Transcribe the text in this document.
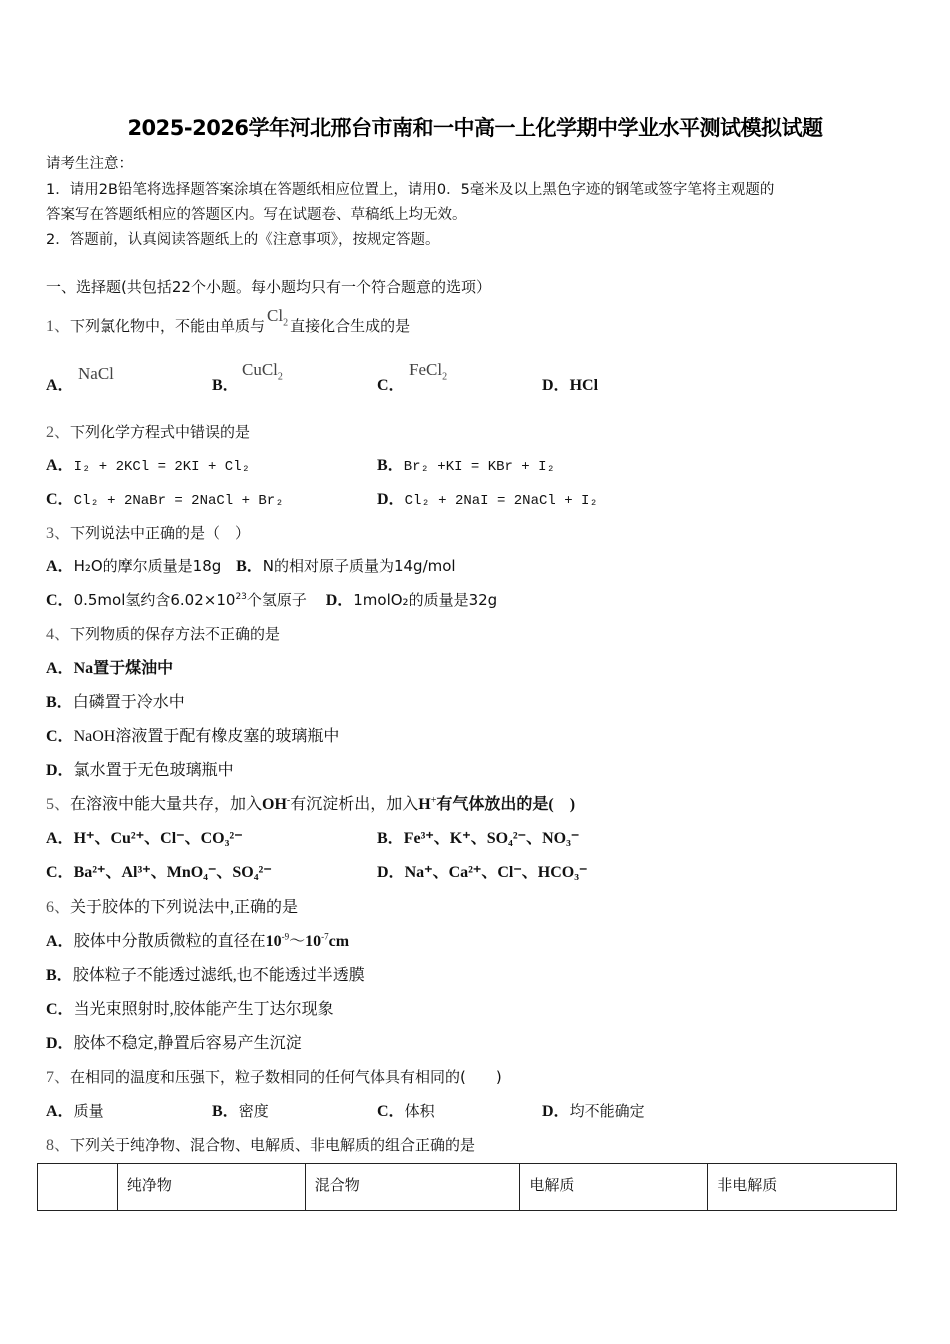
2025-2026学年河北邢台市南和一中高一上化学期中学业水平测试模拟试题
请考生注意：
1．请用2B铅笔将选择题答案涂填在答题纸相应位置上，请用0．5毫米及以上黑色字迹的钢笔或签字笔将主观题的
答案写在答题纸相应的答题区内。写在试题卷、草稿纸上均无效。
2．答题前，认真阅读答题纸上的《注意事项》，按规定答题。
一、选择题(共包括22个小题。每小题均只有一个符合题意的选项）
1、下列氯化物中，不能由单质与$Cl_2$ 直接化合生成的是
A．
NaCl
B．
CuCl$_2$
C．
FeCl$_2$
D．HCl
2、下列化学方程式中错误的是
A．I₂ + 2KCl = 2KI + Cl₂	B．Br₂ +KI = KBr + I₂
C．Cl₂ + 2NaBr = 2NaCl + Br₂	D．Cl₂ + 2NaI = 2NaCl + I₂
3、下列说法中正确的是（　）
A．H₂O的摩尔质量是18g B．N的相对原子质量为14g/mol
C．0.5mol氢约含$6.02\times 10^{23}$个氢原子 D．1molO₂的质量是32g
4、下列物质的保存方法不正确的是
A．Na置于煤油中
B．白磷置于冷水中
C．NaOH溶液置于配有橡皮塞的玻璃瓶中
D．氯水置于无色玻璃瓶中
5、在溶液中能大量共存，加入OH-有沉淀析出，加入H+有气体放出的是(　)
A．H⁺、Cu²⁺、Cl⁻、CO₃²⁻	B．Fe³⁺、K⁺、SO₄²⁻、NO₃⁻
C．Ba²⁺、Al³⁺、MnO₄⁻、SO₄²⁻	D．Na⁺、Ca²⁺、Cl⁻、HCO₃⁻
6、关于胶体的下列说法中,正确的是
A．胶体中分散质微粒的直径在$10^{-9}\sim 10^{-7}cm$
B．胶体粒子不能透过滤纸,也不能透过半透膜
C．当光束照射时,胶体能产生丁达尔现象
D．胶体不稳定,静置后容易产生沉淀
7、在相同的温度和压强下，粒子数相同的任何气体具有相同的(　　)
A．质量	B．密度	C．体积	D．均不能确定
8、下列关于纯净物、混合物、电解质、非电解质的组合正确的是
	纯净物	混合物	电解质	非电解质
